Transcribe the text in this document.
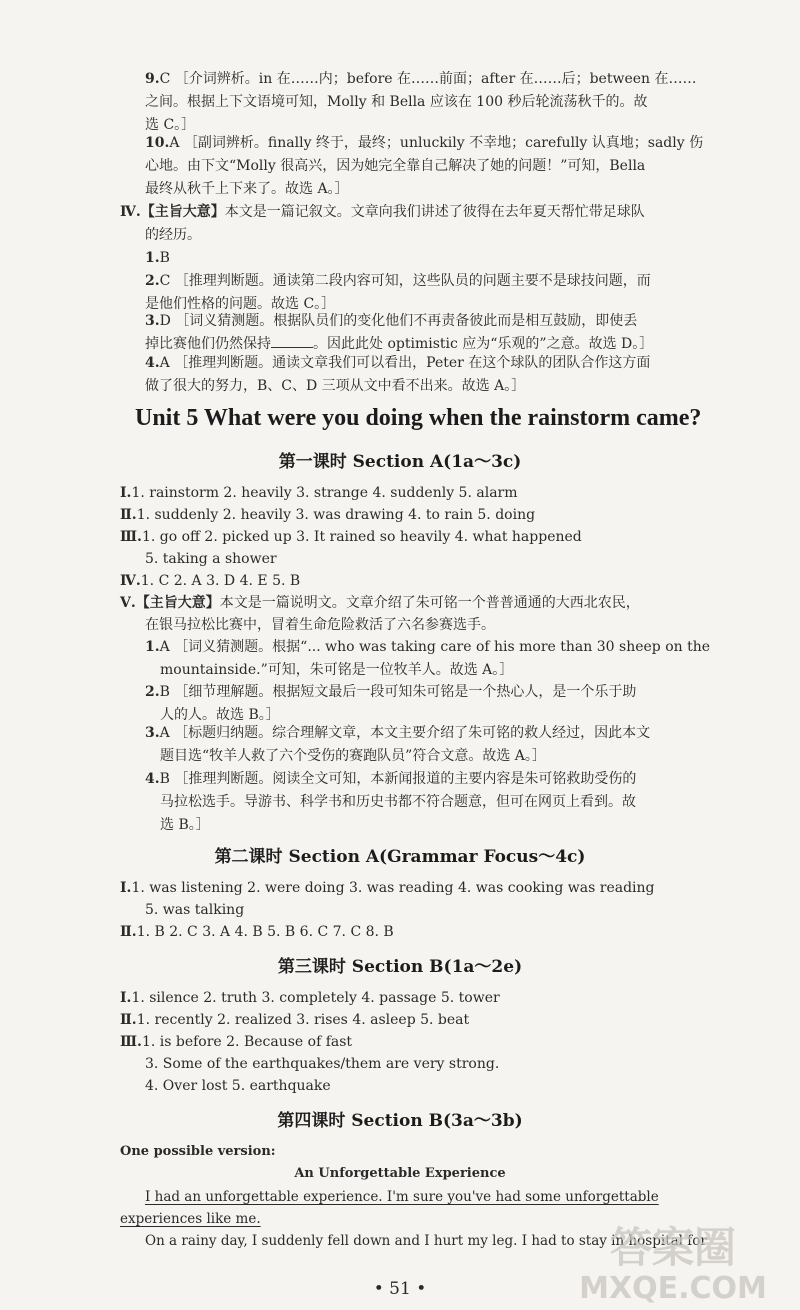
9.C ［介词辨析。in 在……内；before 在……前面；after 在……后；between 在……
之间。根据上下文语境可知，Molly 和 Bella 应该在 100 秒后轮流荡秋千的。故
选 C。］
10.A ［副词辨析。finally 终于，最终；unluckily 不幸地；carefully 认真地；sadly 伤
心地。由下文“Molly 很高兴，因为她完全靠自己解决了她的问题！”可知，Bella
最终从秋千上下来了。故选 A。］
Ⅳ.【主旨大意】本文是一篇记叙文。文章向我们讲述了彼得在去年夏天帮忙带足球队
的经历。
1.B
2.C ［推理判断题。通读第二段内容可知，这些队员的问题主要不是球技问题，而
是他们性格的问题。故选 C。］
3.D ［词义猜测题。根据队员们的变化他们不再责备彼此而是相互鼓励，即使丢
掉比赛他们仍然保持	。因此此处 optimistic 应为“乐观的”之意。故选 D。］
4.A ［推理判断题。通读文章我们可以看出，Peter 在这个球队的团队合作这方面
做了很大的努力，B、C、D 三项从文中看不出来。故选 A。］
Unit 5 What were you doing when the rainstorm came?
第一课时 Section A(1a～3c)
Ⅰ.1. rainstorm 2. heavily 3. strange 4. suddenly 5. alarm
Ⅱ.1. suddenly 2. heavily 3. was drawing 4. to rain 5. doing
Ⅲ.1. go off 2. picked up 3. It rained so heavily 4. what happened
5. taking a shower
Ⅳ.1. C 2. A 3. D 4. E 5. B
Ⅴ.【主旨大意】本文是一篇说明文。文章介绍了朱可铭一个普普通通的大西北农民，
在银马拉松比赛中，冒着生命危险救活了六名参赛选手。
1.A ［词义猜测题。根据“... who was taking care of his more than 30 sheep on the
mountainside.”可知，朱可铭是一位牧羊人。故选 A。］
2.B ［细节理解题。根据短文最后一段可知朱可铭是一个热心人，是一个乐于助
人的人。故选 B。］
3.A ［标题归纳题。综合理解文章，本文主要介绍了朱可铭的救人经过，因此本文
题目选“牧羊人救了六个受伤的赛跑队员”符合文意。故选 A。］
4.B ［推理判断题。阅读全文可知，本新闻报道的主要内容是朱可铭救助受伤的
马拉松选手。导游书、科学书和历史书都不符合题意，但可在网页上看到。故
选 B。］
第二课时 Section A(Grammar Focus～4c)
Ⅰ.1. was listening 2. were doing 3. was reading 4. was cooking was reading
5. was talking
Ⅱ.1. B 2. C 3. A 4. B 5. B 6. C 7. C 8. B
第三课时 Section B(1a～2e)
Ⅰ.1. silence 2. truth 3. completely 4. passage 5. tower
Ⅱ.1. recently 2. realized 3. rises 4. asleep 5. beat
Ⅲ.1. is before 2. Because of fast
3. Some of the earthquakes/them are very strong.
4. Over lost 5. earthquake
第四课时 Section B(3a～3b)
One possible version:
An Unforgettable Experience
I had an unforgettable experience. I'm sure you've had some unforgettable
experiences like me.
On a rainy day, I suddenly fell down and I hurt my leg. I had to stay in hospital for
• 51 •
答案圈
MXQE.COM
